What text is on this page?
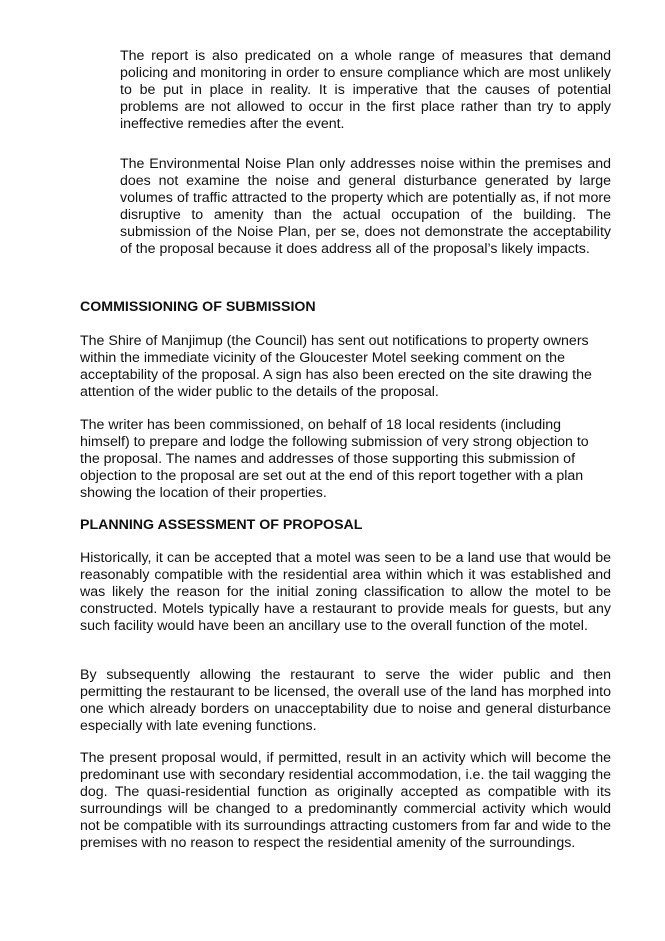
The report is also predicated on a whole range of measures that demand policing and monitoring in order to ensure compliance which are most unlikely to be put in place in reality. It is imperative that the causes of potential problems are not allowed to occur in the first place rather than try to apply ineffective remedies after the event.

The Environmental Noise Plan only addresses noise within the premises and does not examine the noise and general disturbance generated by large volumes of traffic attracted to the property which are potentially as, if not more disruptive to amenity than the actual occupation of the building. The submission of the Noise Plan, per se, does not demonstrate the acceptability of the proposal because it does address all of the proposal’s likely impacts.

COMMISSIONING OF SUBMISSION

The Shire of Manjimup (the Council) has sent out notifications to property owners within the immediate vicinity of the Gloucester Motel seeking comment on the acceptability of the proposal. A sign has also been erected on the site drawing the attention of the wider public to the details of the proposal.

The writer has been commissioned, on behalf of 18 local residents (including himself) to prepare and lodge the following submission of very strong objection to the proposal. The names and addresses of those supporting this submission of objection to the proposal are set out at the end of this report together with a plan showing the location of their properties.

PLANNING ASSESSMENT OF PROPOSAL

Historically, it can be accepted that a motel was seen to be a land use that would be reasonably compatible with the residential area within which it was established and was likely the reason for the initial zoning classification to allow the motel to be constructed. Motels typically have a restaurant to provide meals for guests, but any such facility would have been an ancillary use to the overall function of the motel.

By subsequently allowing the restaurant to serve the wider public and then permitting the restaurant to be licensed, the overall use of the land has morphed into one which already borders on unacceptability due to noise and general disturbance especially with late evening functions.

The present proposal would, if permitted, result in an activity which will become the predominant use with secondary residential accommodation, i.e. the tail wagging the dog. The quasi-residential function as originally accepted as compatible with its surroundings will be changed to a predominantly commercial activity which would not be compatible with its surroundings attracting customers from far and wide to the premises with no reason to respect the residential amenity of the surroundings.
